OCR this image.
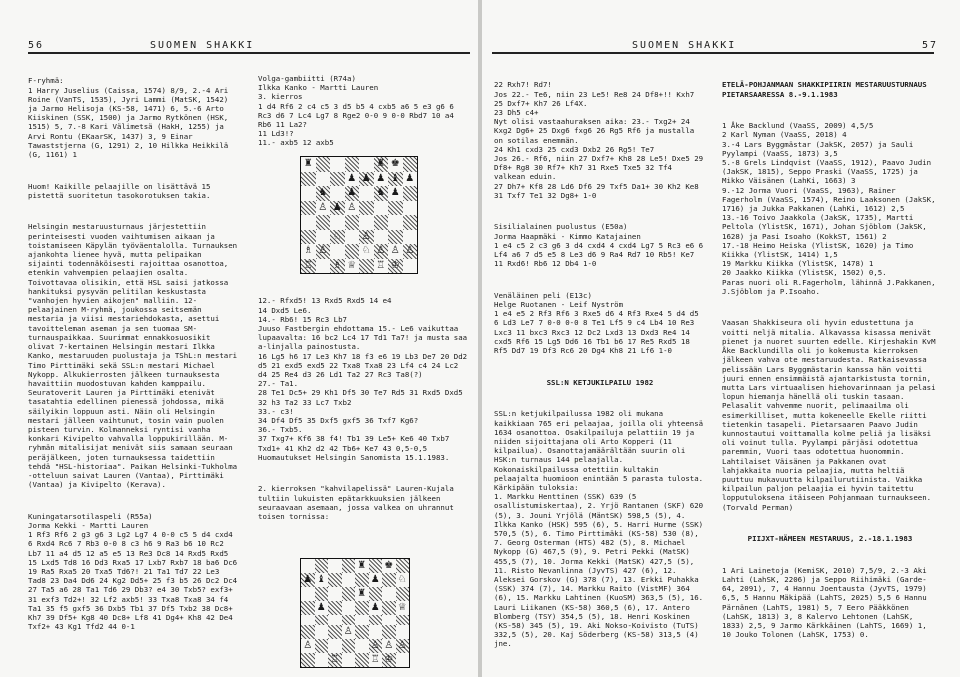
56	SUOMEN SHAKKI

F-ryhmä:
1 Harry Juselius (Caissa, 1574) 8/9, 2.-4 Ari Roine (VanTS, 1535), Jyri Lammi (MatSK, 1542) ja Jarmo Helisoja (KS-58, 1471) 6, 5.-6 Arto Kiiskinen (SSK, 1500) ja Jarmo Rytkönen (HSK, 1515) 5, 7.-8 Kari Välimetsä (HakH, 1255) ja Arvi Rontu (EKaarSK, 1437) 3, 9 Einar Tawaststjerna (G, 1291) 2, 10 Hilkka Heikkilä (G, 1161) 1

Huom! Kaikille pelaajille on lisättävä 15 pistettä suoritetun tasokorotuksen takia.

Helsingin mestaruusturnaus järjestettiin perinteisesti vuoden vaihtumisen aikaan ja toistamiseen Käpylän työväentalolla. Turnauksen ajankohta lienee hyvä, mutta pelipaikan sijainti todennäköisesti rajoittaa osanottoa, etenkin vahvempien pelaajien osalta. Toivottavaa olisikin, että HSL saisi jatkossa hankituksi pysyvän pelitilan keskustasta "vanhojen hyvien aikojen" malliin. 12-pelaajainen M-ryhmä, joukossa seitsemän mestaria ja viisi mestariehdokasta, asettui tavoitteleman aseman ja sen tuomaa SM-turnauspaikkaa. Suurimmat ennakkosuosikit olivat 7-kertainen Helsingin mestari Ilkka Kanko, mestaruuden puolustaja ja TShL:n mestari Timo Pirttimäki sekä SSL:n mestari Michael Nykopp. Alkukierrosten jälkeen turnauksesta havaittiin muodostuvan kahden kamppailu. Seuratoverit Lauren ja Pirttimäki etenivät tasatahtia edellinen pienessä johdossa, mikä säilyikin loppuun asti. Näin oli Helsingin mestari jälleen vaihtunut, tosin vain puolen pisteen turvin. Kolmanneksi ryntisi vanha konkari Kivipelto vahvalla loppukirillään. M-ryhmän mitalisijat menivät siis samaan seuraan peräjälkeen, joten turnauksessa taidettiin tehdä "HSL-historiaa". Paikan Helsinki-Tukholma -otteluun saivat Lauren (Vantaa), Pirttimäki (Vantaa) ja Kivipelto (Kerava).

Kuningatarsotilaspeli (R55a)
Jorma Kekki - Martti Lauren
1 Rf3 Rf6 2 g3 g6 3 Lg2 Lg7 4 0-0 c5 5 d4 cxd4 6 Rxd4 Rc6 7 Rb3 0-0 8 c3 h6 9 Ra3 b6 10 Rc2 Lb7 11 a4 d5 12 a5 e5 13 Re3 Dc8 14 Rxd5 Rxd5 15 Lxd5 Td8 16 Dd3 Rxa5 17 Lxb7 Rxb7 18 ba6 Dc6 19 Ra5 Rxa5 20 Txa5 Td6?! 21 Ta1 Td7 22 Le3 Tad8 23 Da4 Dd6 24 Kg2 Dd5+ 25 f3 b5 26 Dc2 Dc4 27 Ta5 a6 28 Ta1 Td6 29 Db3? e4 30 Txb5? exf3+ 31 exf3 Td2+! 32 Lf2 axb5! 33 Txa8 Txa8 34 f4 Ta1 35 f5 gxf5 36 Dxb5 Tb1 37 Df5 Txb2 38 Dc8+ Kh7 39 Df5+ Kg8 40 Dc8+ Lf8 41 Dg4+ Kh8 42 De4 Txf2+ 43 Kg1 Tfd2 44 0-1

Volga-gambiitti (R74a)
Ilkka Kanko - Martti Lauren
3. kierros
1 d4 Rf6 2 c4 c5 3 d5 b5 4 cxb5 a6 5 e3 g6 6 Rc3 d6 7 Lc4 Lg7 8 Rge2 0-0 9 0-0 Rbd7 10 a4 Rb6 11 La2?
11 Ld3!?
11.- axb5 12 axb5
♜	♜ ♚
♟ ♟ ♟ ♝ ♟
♞ ♟ ♞ ♟
♙ ♟ ♙
♘ ♙
♗ ♙	♘ ♙ ♙ ♙
♖ ♗ ♕ ♖ ♔

12.- Rfxd5! 13 Rxd5 Rxd5 14 e4
14 Dxd5 Le6.
14.- Rb6! 15 Rc3 Lb7
Juuso Fastbergin ehdottama 15.- Le6 vaikuttaa lupaavalta: 16 bc2 Lc4 17 Td1 Ta7! ja musta saa a-linjalla painostusta.
16 Lg5 h6 17 Le3 Kh7 18 f3 e6 19 Lb3 De7 20 Dd2 d5 21 exd5 exd5 22 Txa8 Txa8 23 Lf4 c4 24 Lc2 d4 25 Re4 d3 26 Ld1 Ta2 27 Rc3 Ta8(?)
27.- Ta1.
28 Te1 Dc5+ 29 Kh1 Df5 30 Te7 Rd5 31 Rxd5 Dxd5 32 h3 Ta2 33 Lc7 Txb2
33.- c3!
34 Df4 Df5 35 Dxf5 gxf5 36 Txf7 Kg6?
36.- Txb5.
37 Txg7+ Kf6 38 f4! Tb1 39 Le5+ Ke6 40 Txb7 Txd1+ 41 Kh2 d2 42 Tb6+ Ke7 43 0,5-0,5
Huomautukset Helsingin Sanomista 15.1.1983.

2. kierroksen "kahvilapelissä" Lauren-Kujala tultiin lukuisten epätarkkuuksien jälkeen seuraavaan asemaan, jossa valkea on uhrannut toisen tornissa:

♜ ♚
♟ ♝	♟ ♘
♜
♟	♟ ♕
♙
♙	♙ ♙ ♙
♖	♖ ♔
SUOMEN SHAKKI	57

22 Rxh7! Rd7!
Jos 22.- Te6, niin 23 Le5! Re8 24 Df8+!! Kxh7 25 Dxf7+ Kh7 26 Lf4X.
23 Dh5 c4+
Nyt olisi vastaahuraksen aika: 23.- Txg2+ 24 Kxg2 Dg6+ 25 Dxg6 fxg6 26 Rg5 Rf6 ja mustalla on sotilas enemmän.
24 Kh1 cxd3 25 cxd3 Dxb2 26 Rg5! Te7
Jos 26.- Rf6, niin 27 Dxf7+ Kh8 28 Le5! Dxe5 29 Df8+ Rg8 30 Rf7+ Kh7 31 Rxe5 Txe5 32 Tf4 valkean eduin.
27 Dh7+ Kf8 28 Ld6 Df6 29 Txf5 Da1+ 30 Kh2 Ke8 31 Txf7 Te1 32 Dg8+ 1-0

Sisilialainen puolustus (E50a)
Jorma Haapmäki - Kimmo Katajainen
1 e4 c5 2 c3 g6 3 d4 cxd4 4 cxd4 Lg7 5 Rc3 e6 6 Lf4 a6 7 d5 e5 8 Le3 d6 9 Ra4 Rd7 10 Rb5! Ke7 11 Rxd6! Rb6 12 Db4 1-0

Venäläinen peli (E13c)
Helge Ruotanen - Leif Nyström
1 e4 e5 2 Rf3 Rf6 3 Rxe5 d6 4 Rf3 Rxe4 5 d4 d5 6 Ld3 Le7 7 0-0 0-0 8 Te1 Lf5 9 c4 Lb4 10 Re3 Lxc3 11 bxc3 Rxc3 12 Dc2 Lxd3 13 Dxd3 Re4 14 cxd5 Rf6 15 Lg5 Dd6 16 Tb1 b6 17 Re5 Rxd5 18 Rf5 Dd7 19 Df3 Rc6 20 Dg4 Kh8 21 Lf6 1-0

SSL:N KETJUKILPAILU 1982

SSL:n ketjukilpailussa 1982 oli mukana kaikkiaan 765 eri pelaajaa, joilla oli yhteensä 1634 osanottoa. Osakilpailuja pelattiin 19 ja niiden sijoittajana oli Arto Kopperi (11 kilpailua). Osanottajamäärältään suurin oli HSK:n turnaus 144 pelaajalla.
Kokonaiskilpailussa otettiin kultakin pelaajalta huomioon enintään 5 parasta tulosta.
Kärkipään tuloksia:
1. Markku Henttinen (SSK) 639 (5 osallistumiskertaa), 2. Yrjö Rantanen (SKF) 620 (5), 3. Jouni Yrjölä (MäntSK) 598,5 (5), 4. Ilkka Kanko (HSK) 595 (6), 5. Harri Hurme (SSK) 570,5 (5), 6. Timo Pirttimäki (KS-58) 530 (8), 7. Georg Osterman (HTS) 482 (5), 8. Michael Nykopp (G) 467,5 (9), 9. Petri Pekki (MatSK) 455,5 (7), 10. Jorma Kekki (MatSK) 427,5 (5), 11. Risto Nevanlinna (JyvTS) 427 (6), 12. Aleksei Gorskov (G) 378 (7), 13. Erkki Puhakka (SSK) 374 (7), 14. Markku Raito (VistMF) 364 (6), 15. Markku Lahtinen (KuoSM) 363,5 (5), 16. Lauri Liikanen (KS-58) 360,5 (6), 17. Antero Blomberg (TSY) 354,5 (5), 18. Henri Koskinen (KS-58) 345 (5), 19. Aki Nokso-Koivisto (TuTS) 332,5 (5), 20. Kaj Söderberg (KS-58) 313,5 (4) jne.

ETELÄ-POHJANMAAN SHAKKIPIIRIN MESTARUUSTURNAUS PIETARSAARESSA 8.-9.1.1983

1 Åke Backlund (VaaSS, 2009) 4,5/5
2 Karl Nyman (VaaSS, 2018) 4
3.-4 Lars Byggmästar (JakSK, 2057) ja Sauli Pyylampi (VaaSS, 1873) 3,5
5.-8 Grels Lindqvist (VaaSS, 1912), Paavo Judin (JakSK, 1815), Seppo Praski (VaaSS, 1725) ja Mikko Väisänen (LahKi, 1663) 3
9.-12 Jorma Vuori (VaaSS, 1963), Rainer Fagerholm (VaaSS, 1574), Reino Laaksonen (JakSK, 1716) ja Jukka Pakkanen (LahKi, 1612) 2,5
13.-16 Toivo Jaakkola (JakSK, 1735), Martti Peltola (YlistSK, 1671), Johan Sjöblom (JakSK, 1628) ja Pasi Isoaho (KokkST, 1561) 2
17.-18 Heimo Heiska (YlistSK, 1620) ja Timo Kiikka (YlistSK, 1414) 1,5
19 Markku Kiikka (YlistSK, 1478) 1
20 Jaakko Kiikka (YlistSK, 1502) 0,5.
Paras nuori oli R.Fagerholm, lähinnä J.Pakkanen, J.Sjöblom ja P.Isoaho.

Vaasan Shakkiseura oli hyvin edustettuna ja voitti neljä mitalia. Alkavassa kisassa menivät pienet ja nuoret suurten edelle. Kirjeshakin KvM Åke Backlundilla oli jo kokemusta kierroksen jälkeen vahva ote mestaruudesta. Ratkaisevassa pelissään Lars Byggmästarin kanssa hän voitti juuri ennen ensimmäistä ajantarkistusta tornin, mutta Lars virtuaalisen hiehovarinnaan ja pelasi lopun hiemanja hänellä oli tuskin tasaan. Pelasalit vahvemme nuorit, pelimaailma oli esimerkilliset, mutta kokeneelle Ekelle riitti tietenkin tasapeli. Pietarsaaren Paavo Judin kunnostautui voittamalla kolme peliä ja lisäksi oli voinut tulla. Pyylampi pärjäsi odotettua paremmin, Vuori taas odotettua huonommin. Lahtilaiset Väisänen ja Pakkanen ovat lahjakkaita nuoria pelaajia, mutta heltiä puuttuu mukavuutta kilpailurutiinista. Vaikka kilpailun paljon pelaajia ei hyvin taitettu lopputuloksena itäiseen Pohjanmaan turnaukseen. (Torvald Perman)

PIIJXT-HÄMEEN MESTARUUS, 2.-18.1.1983

1 Ari Lainetoja (KemiSK, 2010) 7,5/9, 2.-3 Aki Lahti (LahSK, 2206) ja Seppo Riihimäki (Garde-64, 2091), 7, 4 Hannu Joentausta (JyvTS, 1979) 6,5, 5 Hannu Mäkipää (LahTS, 2025) 5,5 6 Hannu Pärnänen (LahTS, 1981) 5, 7 Eero Pääkkönen (LahSK, 1813) 3, 8 Kalervo Lehtonen (LahSK, 1833) 2,5, 9 Jarmo Kärkkäinen (LahTS, 1669) 1, 10 Jouko Tolonen (LahSK, 1753) 0.
